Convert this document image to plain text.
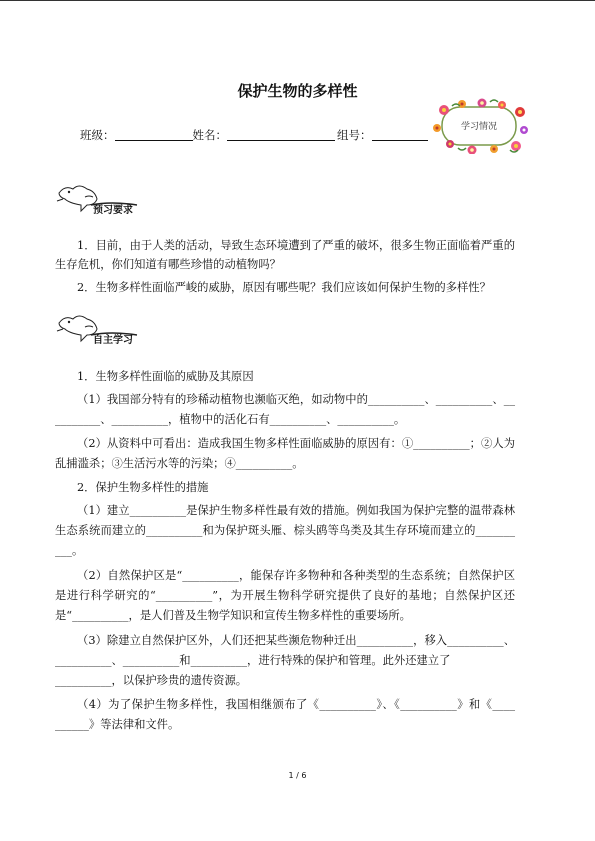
保护生物的多样性
班级：	姓名：	组号：
学习情况
预习要求
1．目前，由于人类的活动，导致生态环境遭到了严重的破坏，很多生物正面临着严重的
生存危机，你们知道有哪些珍惜的动植物吗？
2．生物多样性面临严峻的威胁，原因有哪些呢？我们应该如何保护生物的多样性？
自主学习
1．生物多样性面临的威胁及其原因
（1）我国部分特有的珍稀动植物也濒临灭绝，如动物中的__________、__________、__
________、__________，植物中的活化石有__________、__________。
（2）从资料中可看出：造成我国生物多样性面临威胁的原因有：①__________；②人为
乱捕滥杀；③生活污水等的污染；④__________。
2．保护生物多样性的措施
（1）建立__________是保护生物多样性最有效的措施。例如我国为保护完整的温带森林
生态系统而建立的__________和为保护斑头雁、棕头鸥等鸟类及其生存环境而建立的_______
___。
（2）自然保护区是“__________，能保存许多物种和各种类型的生态系统；自然保护区
是进行科学研究的“__________”，为开展生物科学研究提供了良好的基地；自然保护区还
是“__________，是人们普及生物学知识和宣传生物多样性的重要场所。
（3）除建立自然保护区外，人们还把某些濒危物种迁出__________，移入__________、
__________、__________和__________，进行特殊的保护和管理。此外还建立了
__________，以保护珍贵的遗传资源。
（4）为了保护生物多样性，我国相继颁布了《__________》、《__________》和《____
______》等法律和文件。
1 / 6
